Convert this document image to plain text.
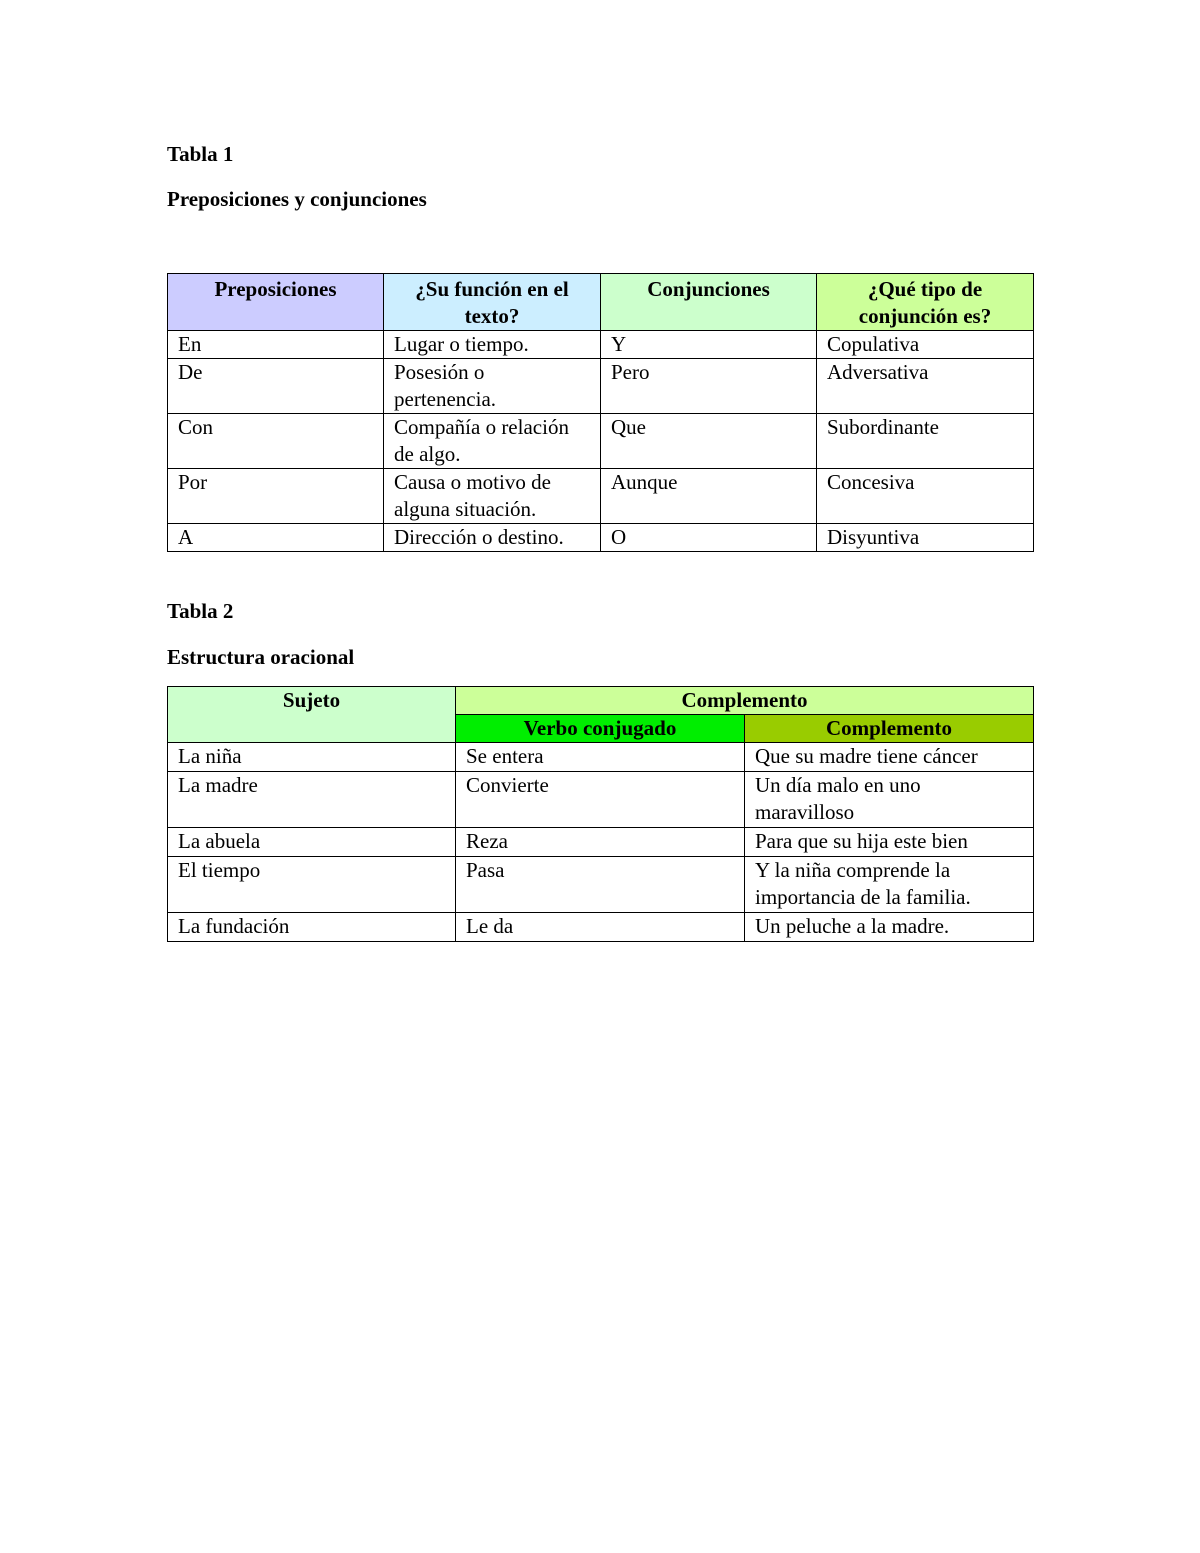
Tabla 1

Preposiciones y conjunciones

Preposiciones	¿Su función en el texto?	Conjunciones	¿Qué tipo de conjunción es?
En	Lugar o tiempo.	Y	Copulativa
De	Posesión o pertenencia.	Pero	Adversativa
Con	Compañía o relación de algo.	Que	Subordinante
Por	Causa o motivo de alguna situación.	Aunque	Concesiva
A	Dirección o destino.	O	Disyuntiva

Tabla 2

Estructura oracional

Sujeto	Complemento	
	Verbo conjugado	Complemento
La niña	Se entera	Que su madre tiene cáncer
La madre	Convierte	Un día malo en uno maravilloso
La abuela	Reza	Para que su hija este bien
El tiempo	Pasa	Y la niña comprende la importancia de la familia.
La fundación	Le da	Un peluche a la madre.
